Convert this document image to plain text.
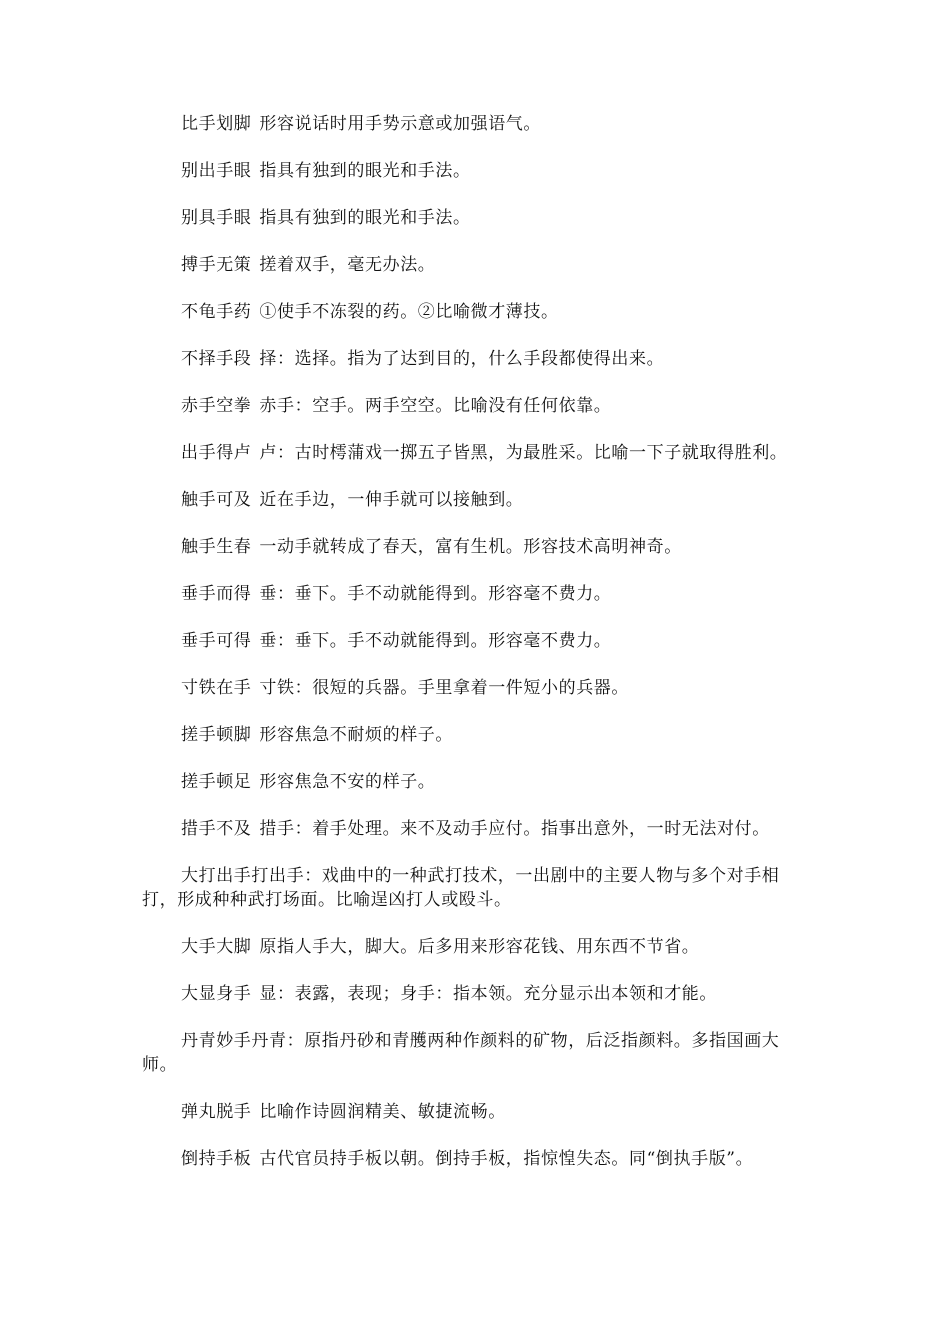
比手划脚 形容说话时用手势示意或加强语气。

别出手眼 指具有独到的眼光和手法。

别具手眼 指具有独到的眼光和手法。

搏手无策 搓着双手，毫无办法。

不龟手药 ①使手不冻裂的药。②比喻微才薄技。

不择手段 择：选择。指为了达到目的，什么手段都使得出来。

赤手空拳 赤手：空手。两手空空。比喻没有任何依靠。

出手得卢 卢：古时樗蒲戏一掷五子皆黑，为最胜采。比喻一下子就取得胜利。

触手可及 近在手边，一伸手就可以接触到。

触手生春 一动手就转成了春天，富有生机。形容技术高明神奇。

垂手而得 垂：垂下。手不动就能得到。形容毫不费力。

垂手可得 垂：垂下。手不动就能得到。形容毫不费力。

寸铁在手 寸铁：很短的兵器。手里拿着一件短小的兵器。

搓手顿脚 形容焦急不耐烦的样子。

搓手顿足 形容焦急不安的样子。

措手不及 措手：着手处理。来不及动手应付。指事出意外，一时无法对付。

大打出手打出手：戏曲中的一种武打技术，一出剧中的主要人物与多个对手相打，形成种种武打场面。比喻逞凶打人或殴斗。

大手大脚 原指人手大，脚大。后多用来形容花钱、用东西不节省。

大显身手 显：表露，表现；身手：指本领。充分显示出本领和才能。

丹青妙手丹青：原指丹砂和青雘两种作颜料的矿物，后泛指颜料。多指国画大师。

弹丸脱手 比喻作诗圆润精美、敏捷流畅。

倒持手板 古代官员持手板以朝。倒持手板，指惊惶失态。同“倒执手版”。
